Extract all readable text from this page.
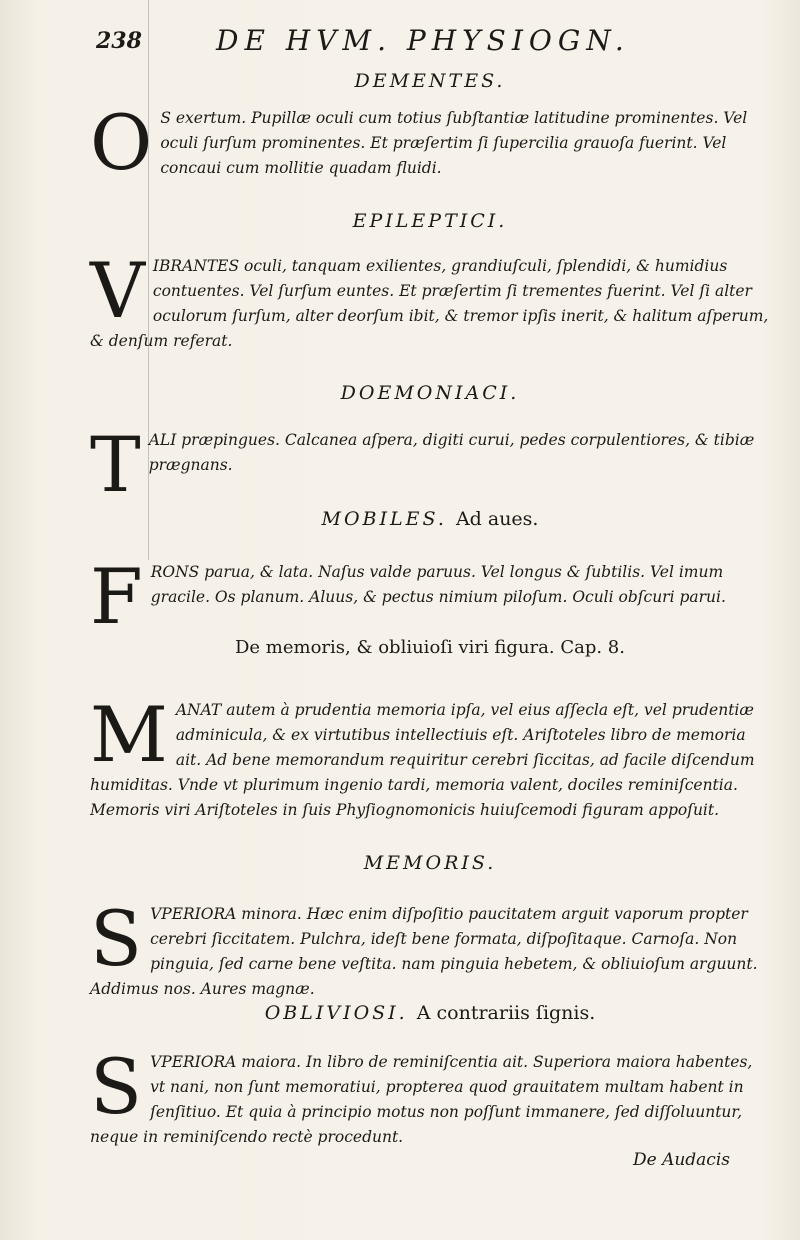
238	DE HVM. PHYSIOGN.

DEMENTES.

O S exertum. Pupillæ oculi cum totius ſubſtantiæ latitudine prominentes. Vel oculi ſurſum prominentes. Et præſertim ſi ſupercilia grauoſa fuerint. Vel concaui cum mollitie quadam fluidi.

EPILEPTICI.

V IBRANTES oculi, tanquam exilientes, grandiuſculi, ſplendidi, & humidius contuentes. Vel ſurſum euntes. Et præſertim ſi trementes fuerint. Vel ſi alter oculorum ſurſum, alter deorſum ibit, & tremor ipſis inerit, & halitum aſperum, & denſum referat.

DOEMONIACI.

T ALI præpingues. Calcanea aſpera, digiti curui, pedes corpulentiores, & tibiæ prægnans.

MOBILES. Ad aues.

F RONS parua, & lata. Naſus valde paruus. Vel longus & ſubtilis. Vel imum gracile. Os planum. Aluus, & pectus nimium piloſum. Oculi obſcuri parui.

De memoris, & obliuioſi viri figura. Cap. 8.

M ANAT autem à prudentia memoria ipſa, vel eius aſſecla eſt, vel prudentiæ adminicula, & ex virtutibus intellectiuis eſt. Ariſtoteles libro de memoria ait. Ad bene memorandum requiritur cerebri ſiccitas, ad facile diſcendum humiditas. Vnde vt plurimum ingenio tardi, memoria valent, dociles reminiſcentia. Memoris viri Ariſtoteles in ſuis Phyſiognomonicis huiuſcemodi figuram appoſuit.

MEMORIS.

S VPERIORA minora. Hæc enim diſpoſitio paucitatem arguit vaporum propter cerebri ſiccitatem. Pulchra, ideſt bene formata, diſpoſitaque. Carnoſa. Non pinguia, ſed carne bene veſtita. nam pinguia hebetem, & obliuioſum arguunt. Addimus nos. Aures magnæ.

OBLIVIOSI. A contrariis ſignis.

S VPERIORA maiora. In libro de reminiſcentia ait. Superiora maiora habentes, vt nani, non ſunt memoratiui, propterea quod grauitatem multam habent in ſenſitiuo. Et quia à principio motus non poſſunt immanere, ſed diſſoluuntur, neque in reminiſcendo rectè procedunt.
De Audacis
